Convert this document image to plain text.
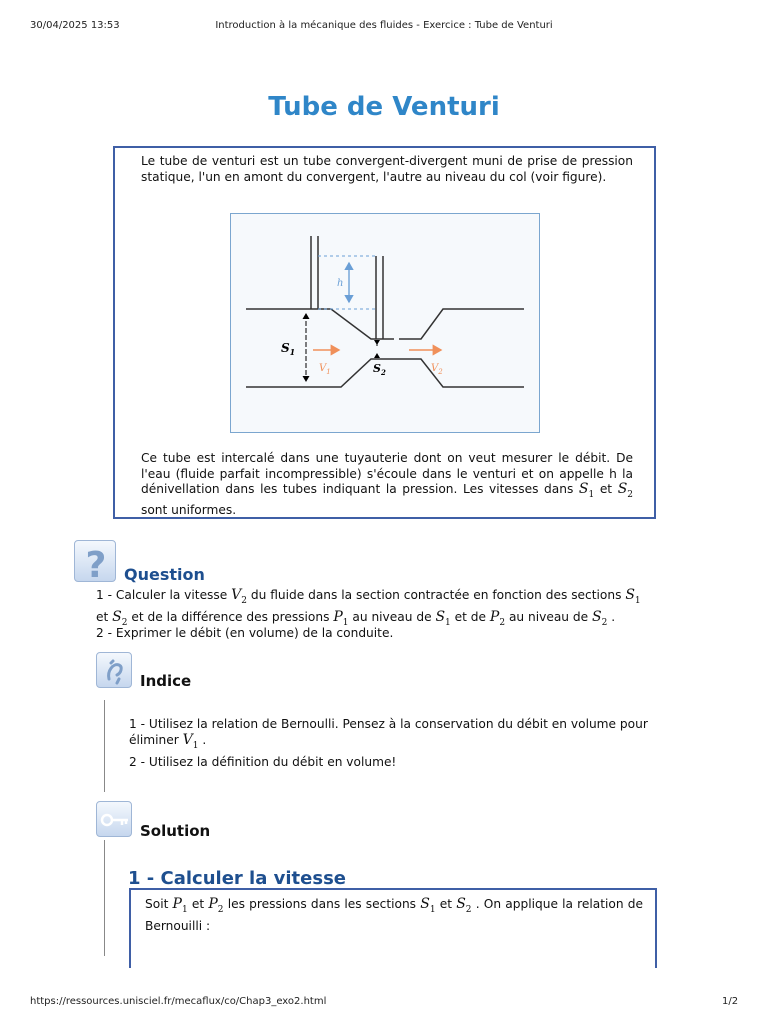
30/04/2025 13:53	Introduction à la mécanique des fluides - Exercice : Tube de Venturi
Tube de Venturi

Le tube de venturi est un tube convergent-divergent muni de prise de pression statique, l'un en amont du convergent, l'autre au niveau du col (voir figure).

h
$S_1$
$S_2$
$V_1$	$V_2$

Ce tube est intercalé dans une tuyauterie dont on veut mesurer le débit. De l'eau (fluide parfait incompressible) s'écoule dans le venturi et on appelle h la dénivellation dans les tubes indiquant la pression. Les vitesses dans $S_1$ et $S_2$ sont uniformes.

? Question

1 - Calculer la vitesse $V_2$ du fluide dans la section contractée en fonction des sections $S_1$
et $S_2$ et de la différence des pressions $P_1$ au niveau de $S_1$ et de $P_2$ au niveau de $S_2$ .

2 - Exprimer le débit (en volume) de la conduite.

Indice

1 - Utilisez la relation de Bernoulli. Pensez à la conservation du débit en volume pour éliminer $V_1$ .

2 - Utilisez la définition du débit en volume!

Solution
1 - Calculer la vitesse

Soit $P_1$ et $P_2$ les pressions dans les sections $S_1$ et $S_2$ . On applique la relation de Bernouilli :

https://ressources.unisciel.fr/mecaflux/co/Chap3_exo2.html	1/2
